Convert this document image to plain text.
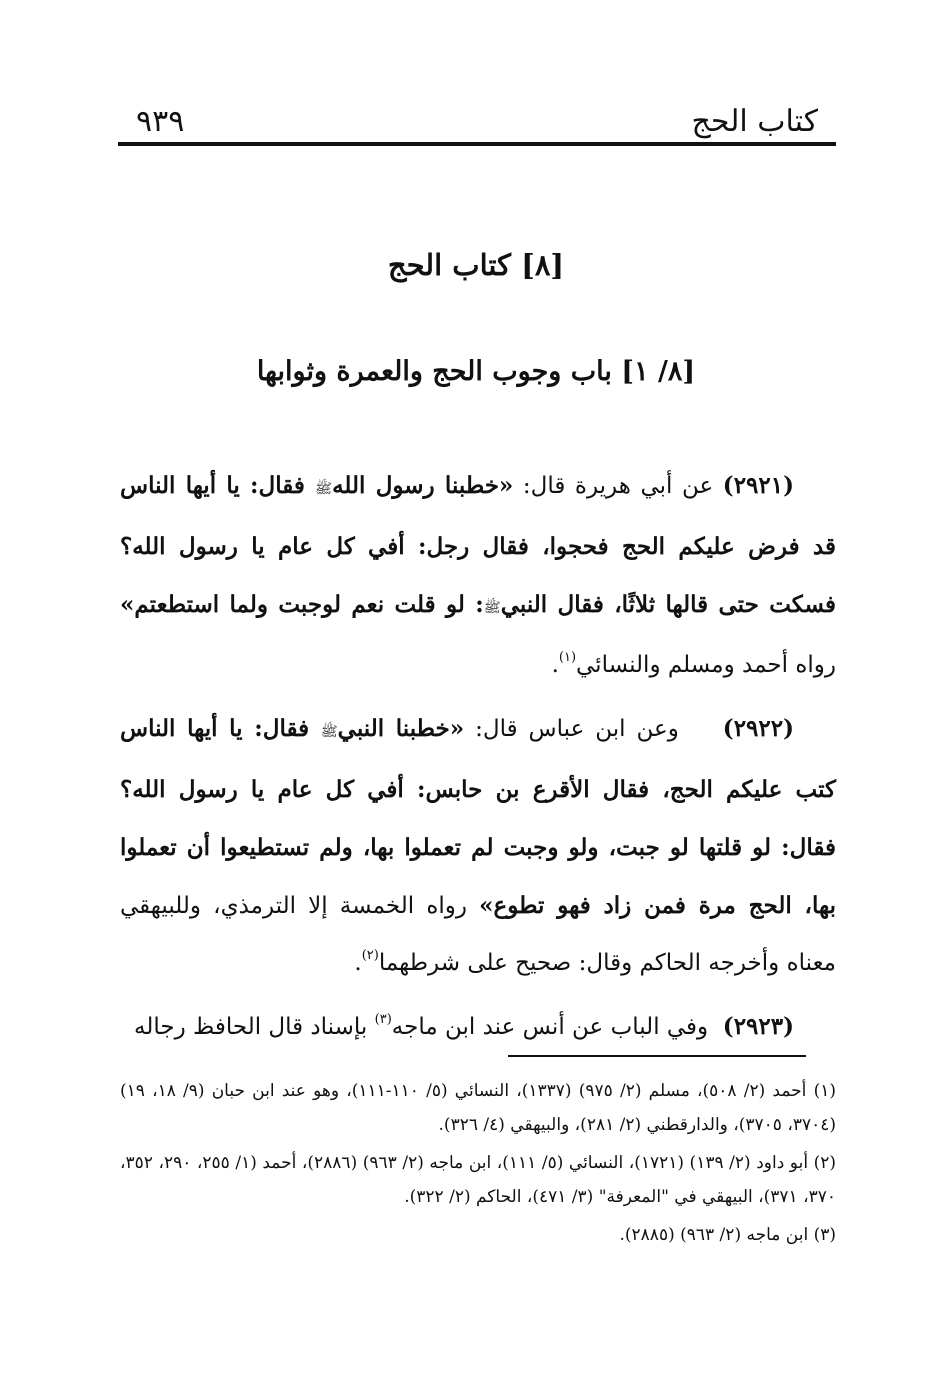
كتاب الحج
٩٣٩
[٨] كتاب الحج
[٨/ ١] باب وجوب الحج والعمرة وثوابها

(٢٩٢١) عن أبي هريرة قال: «خطبنا رسول اللهﷺ فقال: يا أيها الناس قد فرض عليكم الحج فحجوا، فقال رجل: أفي كل عام يا رسول الله؟ فسكت حتى قالها ثلاثًا، فقال النبيﷺ: لو قلت نعم لوجبت ولما استطعتم» رواه أحمد ومسلم والنسائي$^{(١)}$.

(٢٩٢٢)    وعن ابن عباس قال: «خطبنا النبيﷺ فقال: يا أيها الناس كتب عليكم الحج، فقال الأقرع بن حابس: أفي كل عام يا رسول الله؟ فقال: لو قلتها لو جبت، ولو وجبت لم تعملوا بها، ولم تستطيعوا أن تعملوا بها، الحج مرة فمن زاد فهو تطوع» رواه الخمسة إلا الترمذي، وللبيهقي معناه وأخرجه الحاكم وقال: صحيح على شرطهما$^{(٢)}$.

(٢٩٢٣)  وفي الباب عن أنس عند ابن ماجه$^{(٣)}$ بإسناد قال الحافظ رجاله

(١) أحمد (٢/ ٥٠٨)، مسلم (٢/ ٩٧٥) (١٣٣٧)، النسائي (٥/ ١١٠-١١١)، وهو عند ابن حبان (٩/ ١٨، ١٩) (٣٧٠٤، ٣٧٠٥)، والدارقطني (٢/ ٢٨١)، والبيهقي (٤/ ٣٢٦).

(٢) أبو داود (٢/ ١٣٩) (١٧٢١)، النسائي (٥/ ١١١)، ابن ماجه (٢/ ٩٦٣) (٢٨٨٦)، أحمد (١/ ٢٥٥، ٢٩٠، ٣٥٢، ٣٧٠، ٣٧١)، البيهقي في "المعرفة" (٣/ ٤٧١)، الحاكم (٢/ ٣٢٢).

(٣) ابن ماجه (٢/ ٩٦٣) (٢٨٨٥).
